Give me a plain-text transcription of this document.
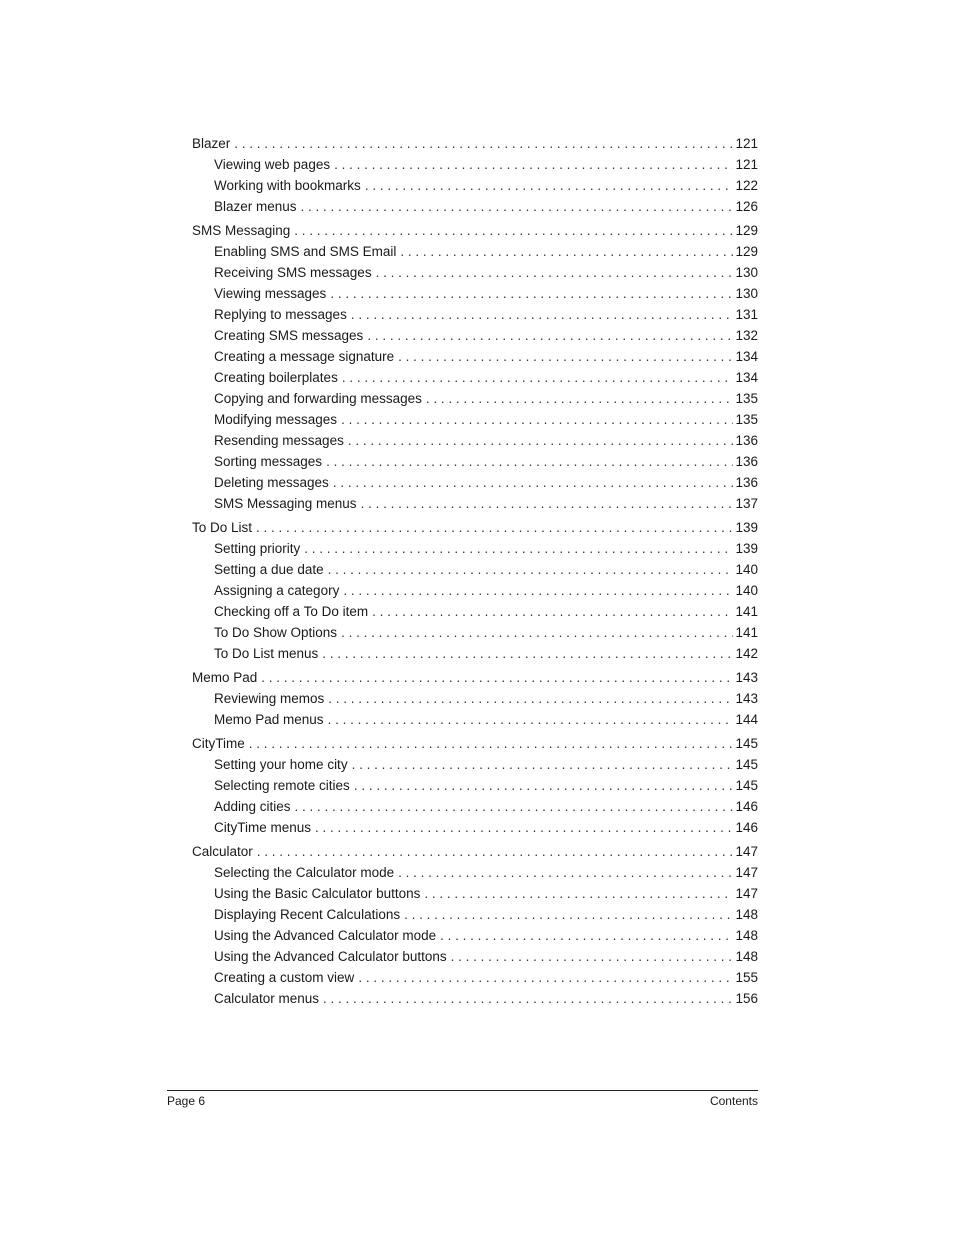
Blazer . . .	121
Viewing web pages . . .	121
Working with bookmarks . . .	122
Blazer menus . . .	126
SMS Messaging . . .	129
Enabling SMS and SMS Email . . .	129
Receiving SMS messages . . .	130
Viewing messages . . .	130
Replying to messages . . .	131
Creating SMS messages . . .	132
Creating a message signature . . .	134
Creating boilerplates . . .	134
Copying and forwarding messages . . .	135
Modifying messages . . .	135
Resending messages . . .	136
Sorting messages . . .	136
Deleting messages . . .	136
SMS Messaging menus . . .	137
To Do List . . .	139
Setting priority . . .	139
Setting a due date . . .	140
Assigning a category . . .	140
Checking off a To Do item . . .	141
To Do Show Options . . .	141
To Do List menus . . .	142
Memo Pad . . .	143
Reviewing memos . . .	143
Memo Pad menus . . .	144
CityTime . . .	145
Setting your home city . . .	145
Selecting remote cities . . .	145
Adding cities . . .	146
CityTime menus . . .	146
Calculator . . .	147
Selecting the Calculator mode . . .	147
Using the Basic Calculator buttons . . .	147
Displaying Recent Calculations . . .	148
Using the Advanced Calculator mode . . .	148
Using the Advanced Calculator buttons . . .	148
Creating a custom view . . .	155
Calculator menus . . .	156
Page 6	Contents
